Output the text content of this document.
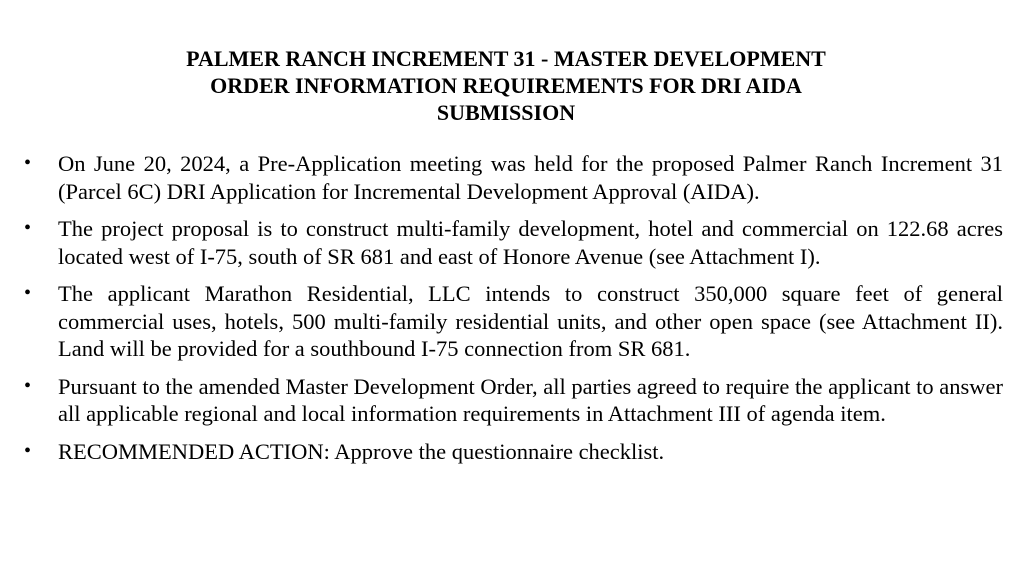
PALMER RANCH INCREMENT 31 - MASTER DEVELOPMENT
ORDER INFORMATION REQUIREMENTS FOR DRI AIDA
SUBMISSION
•	On June 20, 2024, a Pre-Application meeting was held for the proposed Palmer Ranch Increment 31 (Parcel 6C) DRI Application for Incremental Development Approval (AIDA).
•	The project proposal is to construct multi-family development, hotel and commercial on 122.68 acres located west of I-75, south of SR 681 and east of Honore Avenue (see Attachment I).
•	The applicant Marathon Residential, LLC intends to construct 350,000 square feet of general commercial uses, hotels, 500 multi-family residential units, and other open space (see Attachment II). Land will be provided for a southbound I-75 connection from SR 681.
•	Pursuant to the amended Master Development Order, all parties agreed to require the applicant to answer all applicable regional and local information requirements in Attachment III of agenda item.
•	RECOMMENDED ACTION: Approve the questionnaire checklist.
